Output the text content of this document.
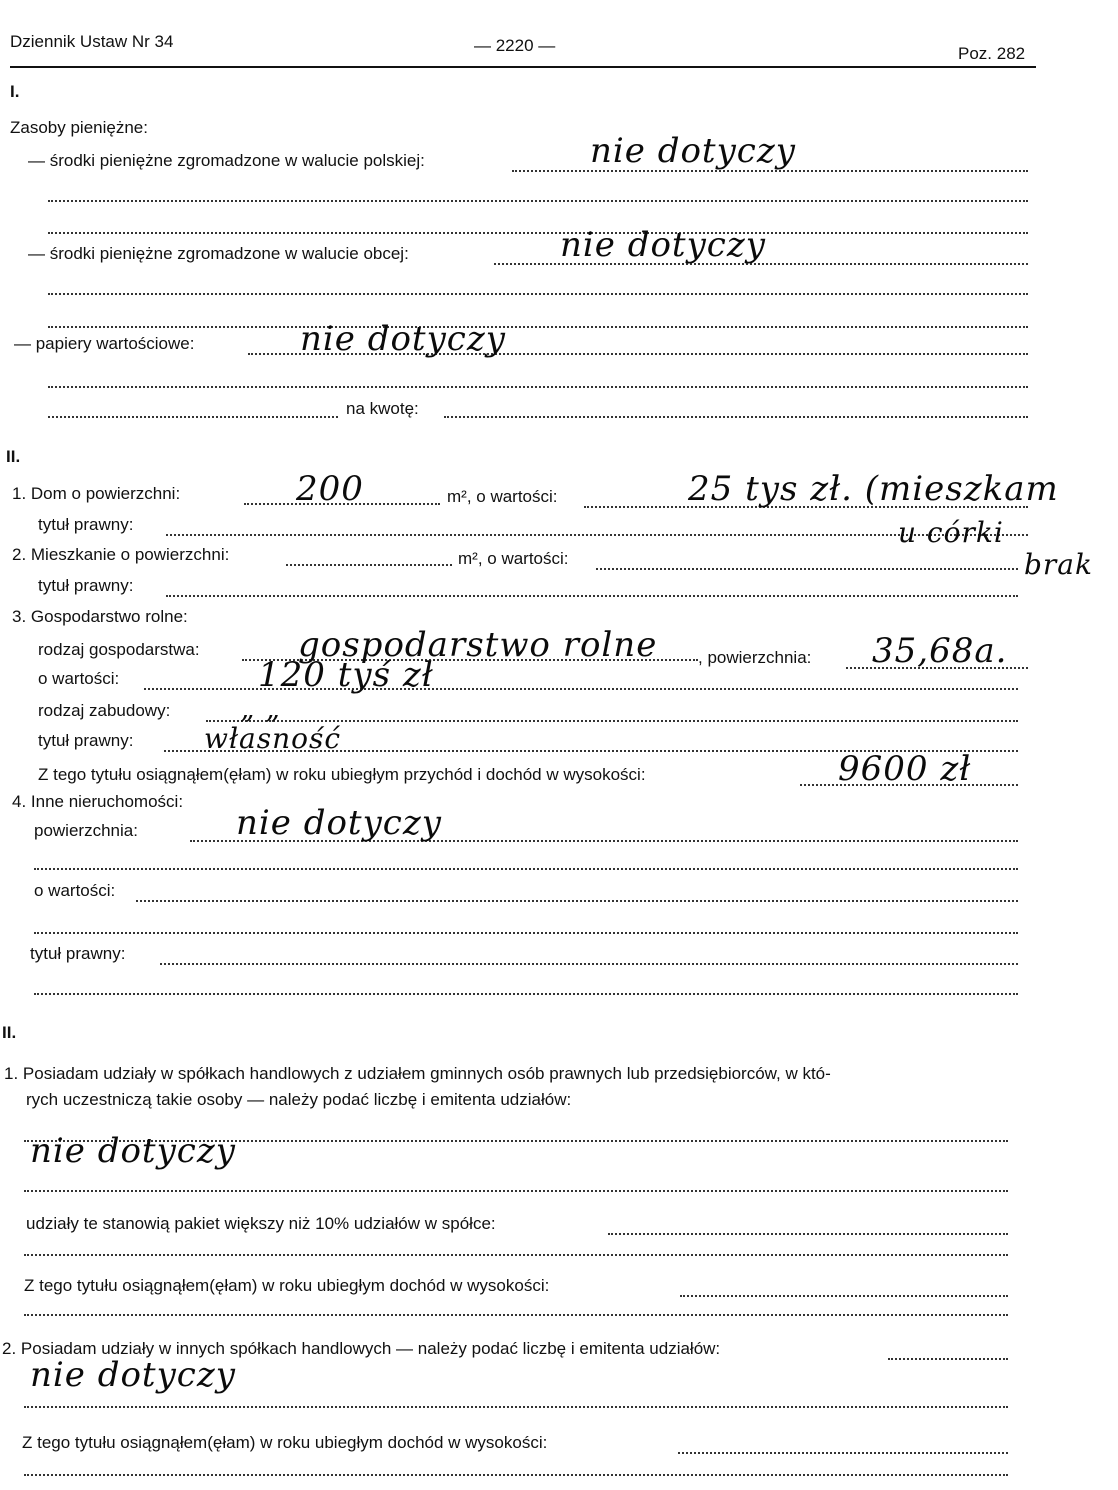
Dziennik Ustaw Nr 34	— 2220 —	Poz. 282
I.
Zasoby pieniężne:
— środki pieniężne zgromadzone w walucie polskiej:	nie dotyczy
— środki pieniężne zgromadzone w walucie obcej:	nie dotyczy
— papiery wartościowe:	nie dotyczy
na kwotę:
II.
1. Dom o powierzchni:	200	m², o wartości:	25 tys zł. (mieszkam
tytuł prawny:	u córki
2. Mieszkanie o powierzchni:	m², o wartości:	brak
tytuł prawny:
3. Gospodarstwo rolne:
rodzaj gospodarstwa:	gospodarstwo rolne , powierzchnia: 35,68a.
o wartości:	120 tyś zł
rodzaj zabudowy: „ „
tytuł prawny:	własność
Z tego tytułu osiągnąłem(ęłam) w roku ubiegłym przychód i dochód w wysokości:	9600 zł
4. Inne nieruchomości:
powierzchnia:	nie dotyczy
o wartości:
tytuł prawny:
II.
1. Posiadam udziały w spółkach handlowych z udziałem gminnych osób prawnych lub przedsiębiorców, w któ-
rych uczestniczą takie osoby — należy podać liczbę i emitenta udziałów:
nie dotyczy
udziały te stanowią pakiet większy niż 10% udziałów w spółce:
Z tego tytułu osiągnąłem(ęłam) w roku ubiegłym dochód w wysokości:
2. Posiadam udziały w innych spółkach handlowych — należy podać liczbę i emitenta udziałów:
nie dotyczy
Z tego tytułu osiągnąłem(ęłam) w roku ubiegłym dochód w wysokości:
